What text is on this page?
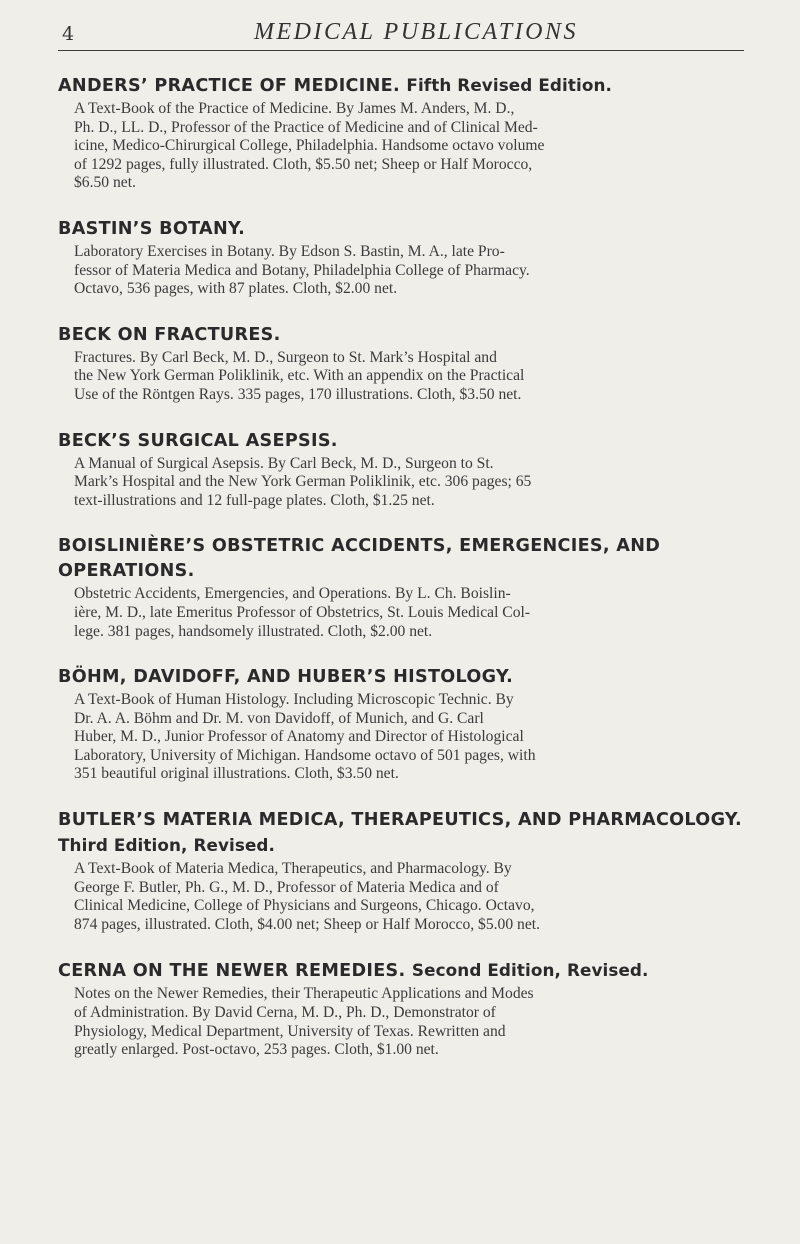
4	MEDICAL PUBLICATIONS
ANDERS’ PRACTICE OF MEDICINE. Fifth Revised Edition.
A Text-Book of the Practice of Medicine. By James M. Anders, M. D.,
Ph. D., LL. D., Professor of the Practice of Medicine and of Clinical Med-
icine, Medico-Chirurgical College, Philadelphia. Handsome octavo volume
of 1292 pages, fully illustrated. Cloth, $5.50 net; Sheep or Half Morocco,
$6.50 net.
BASTIN’S BOTANY.
Laboratory Exercises in Botany. By Edson S. Bastin, M. A., late Pro-
fessor of Materia Medica and Botany, Philadelphia College of Pharmacy.
Octavo, 536 pages, with 87 plates. Cloth, $2.00 net.
BECK ON FRACTURES.
Fractures. By Carl Beck, M. D., Surgeon to St. Mark’s Hospital and
the New York German Poliklinik, etc. With an appendix on the Practical
Use of the Röntgen Rays. 335 pages, 170 illustrations. Cloth, $3.50 net.
BECK’S SURGICAL ASEPSIS.
A Manual of Surgical Asepsis. By Carl Beck, M. D., Surgeon to St.
Mark’s Hospital and the New York German Poliklinik, etc. 306 pages; 65
text-illustrations and 12 full-page plates. Cloth, $1.25 net.
BOISLINIÈRE’S OBSTETRIC ACCIDENTS, EMERGENCIES, AND OPERATIONS.
Obstetric Accidents, Emergencies, and Operations. By L. Ch. Boislin-
ière, M. D., late Emeritus Professor of Obstetrics, St. Louis Medical Col-
lege. 381 pages, handsomely illustrated. Cloth, $2.00 net.
BÖHM, DAVIDOFF, AND HUBER’S HISTOLOGY.
A Text-Book of Human Histology. Including Microscopic Technic. By
Dr. A. A. Böhm and Dr. M. von Davidoff, of Munich, and G. Carl
Huber, M. D., Junior Professor of Anatomy and Director of Histological
Laboratory, University of Michigan. Handsome octavo of 501 pages, with
351 beautiful original illustrations. Cloth, $3.50 net.
BUTLER’S MATERIA MEDICA, THERAPEUTICS, AND PHARMACOLOGY. Third Edition, Revised.
A Text-Book of Materia Medica, Therapeutics, and Pharmacology. By
George F. Butler, Ph. G., M. D., Professor of Materia Medica and of
Clinical Medicine, College of Physicians and Surgeons, Chicago. Octavo,
874 pages, illustrated. Cloth, $4.00 net; Sheep or Half Morocco, $5.00 net.
CERNA ON THE NEWER REMEDIES. Second Edition, Revised.
Notes on the Newer Remedies, their Therapeutic Applications and Modes
of Administration. By David Cerna, M. D., Ph. D., Demonstrator of
Physiology, Medical Department, University of Texas. Rewritten and
greatly enlarged. Post-octavo, 253 pages. Cloth, $1.00 net.
